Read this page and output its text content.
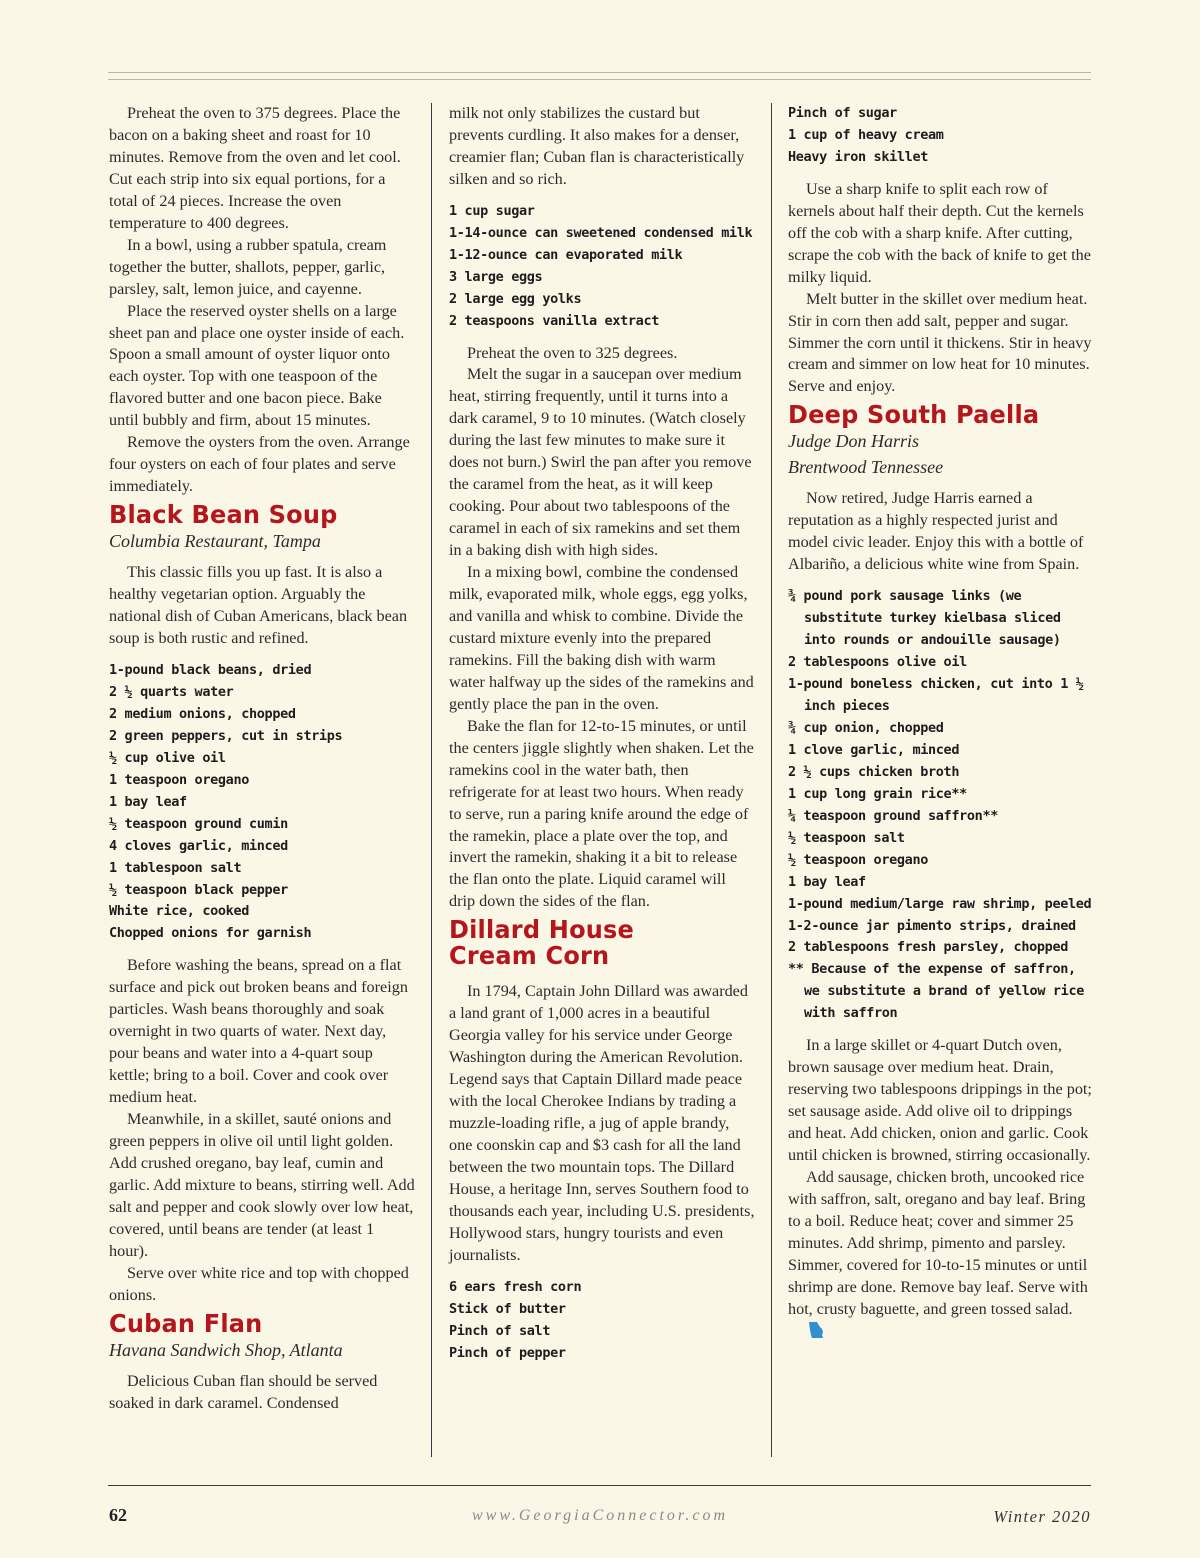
Preheat the oven to 375 degrees. Place the bacon on a baking sheet and roast for 10 minutes. Remove from the oven and let cool. Cut each strip into six equal portions, for a total of 24 pieces. Increase the oven temperature to 400 degrees.

In a bowl, using a rubber spatula, cream together the butter, shallots, pepper, garlic, parsley, salt, lemon juice, and cayenne.

Place the reserved oyster shells on a large sheet pan and place one oyster inside of each. Spoon a small amount of oyster liquor onto each oyster. Top with one teaspoon of the flavored butter and one bacon piece. Bake until bubbly and firm, about 15 minutes.

Remove the oysters from the oven. Arrange four oysters on each of four plates and serve immediately.

Black Bean Soup

Columbia Restaurant, Tampa

This classic fills you up fast. It is also a healthy vegetarian option. Arguably the national dish of Cuban Americans, black bean soup is both rustic and refined.

1-pound black beans, dried
2 ½ quarts water
2 medium onions, chopped
2 green peppers, cut in strips
½ cup olive oil
1 teaspoon oregano
1 bay leaf
½ teaspoon ground cumin
4 cloves garlic, minced
1 tablespoon salt
½ teaspoon black pepper
White rice, cooked
Chopped onions for garnish

Before washing the beans, spread on a flat surface and pick out broken beans and foreign particles. Wash beans thoroughly and soak overnight in two quarts of water. Next day, pour beans and water into a 4-quart soup kettle; bring to a boil. Cover and cook over medium heat.

Meanwhile, in a skillet, sauté onions and green peppers in olive oil until light golden. Add crushed oregano, bay leaf, cumin and garlic. Add mixture to beans, stirring well. Add salt and pepper and cook slowly over low heat, covered, until beans are tender (at least 1 hour).

Serve over white rice and top with chopped onions.

Cuban Flan

Havana Sandwich Shop, Atlanta

Delicious Cuban flan should be served soaked in dark caramel. Condensed

milk not only stabilizes the custard but prevents curdling. It also makes for a denser, creamier flan; Cuban flan is characteristically silken and so rich.

1 cup sugar
1-14-ounce can sweetened condensed milk
1-12-ounce can evaporated milk
3 large eggs
2 large egg yolks
2 teaspoons vanilla extract

Preheat the oven to 325 degrees.

Melt the sugar in a saucepan over medium heat, stirring frequently, until it turns into a dark caramel, 9 to 10 minutes. (Watch closely during the last few minutes to make sure it does not burn.) Swirl the pan after you remove the caramel from the heat, as it will keep cooking. Pour about two tablespoons of the caramel in each of six ramekins and set them in a baking dish with high sides.

In a mixing bowl, combine the condensed milk, evaporated milk, whole eggs, egg yolks, and vanilla and whisk to combine. Divide the custard mixture evenly into the prepared ramekins. Fill the baking dish with warm water halfway up the sides of the ramekins and gently place the pan in the oven.

Bake the flan for 12-to-15 minutes, or until the centers jiggle slightly when shaken. Let the ramekins cool in the water bath, then refrigerate for at least two hours. When ready to serve, run a paring knife around the edge of the ramekin, place a plate over the top, and invert the ramekin, shaking it a bit to release the flan onto the plate. Liquid caramel will drip down the sides of the flan.

Dillard House
Cream Corn

In 1794, Captain John Dillard was awarded a land grant of 1,000 acres in a beautiful Georgia valley for his service under George Washington during the American Revolution. Legend says that Captain Dillard made peace with the local Cherokee Indians by trading a muzzle-loading rifle, a jug of apple brandy, one coonskin cap and $3 cash for all the land between the two mountain tops. The Dillard House, a heritage Inn, serves Southern food to thousands each year, including U.S. presidents, Hollywood stars, hungry tourists and even journalists.

6 ears fresh corn
Stick of butter
Pinch of salt
Pinch of pepper
Pinch of sugar
1 cup of heavy cream
Heavy iron skillet

Use a sharp knife to split each row of kernels about half their depth. Cut the kernels off the cob with a sharp knife. After cutting, scrape the cob with the back of knife to get the milky liquid.

Melt butter in the skillet over medium heat. Stir in corn then add salt, pepper and sugar. Simmer the corn until it thickens. Stir in heavy cream and simmer on low heat for 10 minutes. Serve and enjoy.

Deep South Paella

Judge Don Harris

Brentwood Tennessee

Now retired, Judge Harris earned a reputation as a highly respected jurist and model civic leader. Enjoy this with a bottle of Albariño, a delicious white wine from Spain.

¾ pound pork sausage links (we substitute turkey kielbasa sliced into rounds or andouille sausage)
2 tablespoons olive oil
1-pound boneless chicken, cut into 1 ½ inch pieces
¾ cup onion, chopped
1 clove garlic, minced
2 ½ cups chicken broth
1 cup long grain rice**
¼ teaspoon ground saffron**
½ teaspoon salt
½ teaspoon oregano
1 bay leaf
1-pound medium/large raw shrimp, peeled
1-2-ounce jar pimento strips, drained
2 tablespoons fresh parsley, chopped
** Because of the expense of saffron, we substitute a brand of yellow rice with saffron

In a large skillet or 4-quart Dutch oven, brown sausage over medium heat. Drain, reserving two tablespoons drippings in the pot; set sausage aside. Add olive oil to drippings and heat. Add chicken, onion and garlic. Cook until chicken is browned, stirring occasionally.

Add sausage, chicken broth, uncooked rice with saffron, salt, oregano and bay leaf. Bring to a boil. Reduce heat; cover and simmer 25 minutes. Add shrimp, pimento and parsley. Simmer, covered for 10-to-15 minutes or until shrimp are done. Remove bay leaf. Serve with hot, crusty baguette, and green tossed salad.

62	www.GeorgiaConnector.com	Winter 2020
